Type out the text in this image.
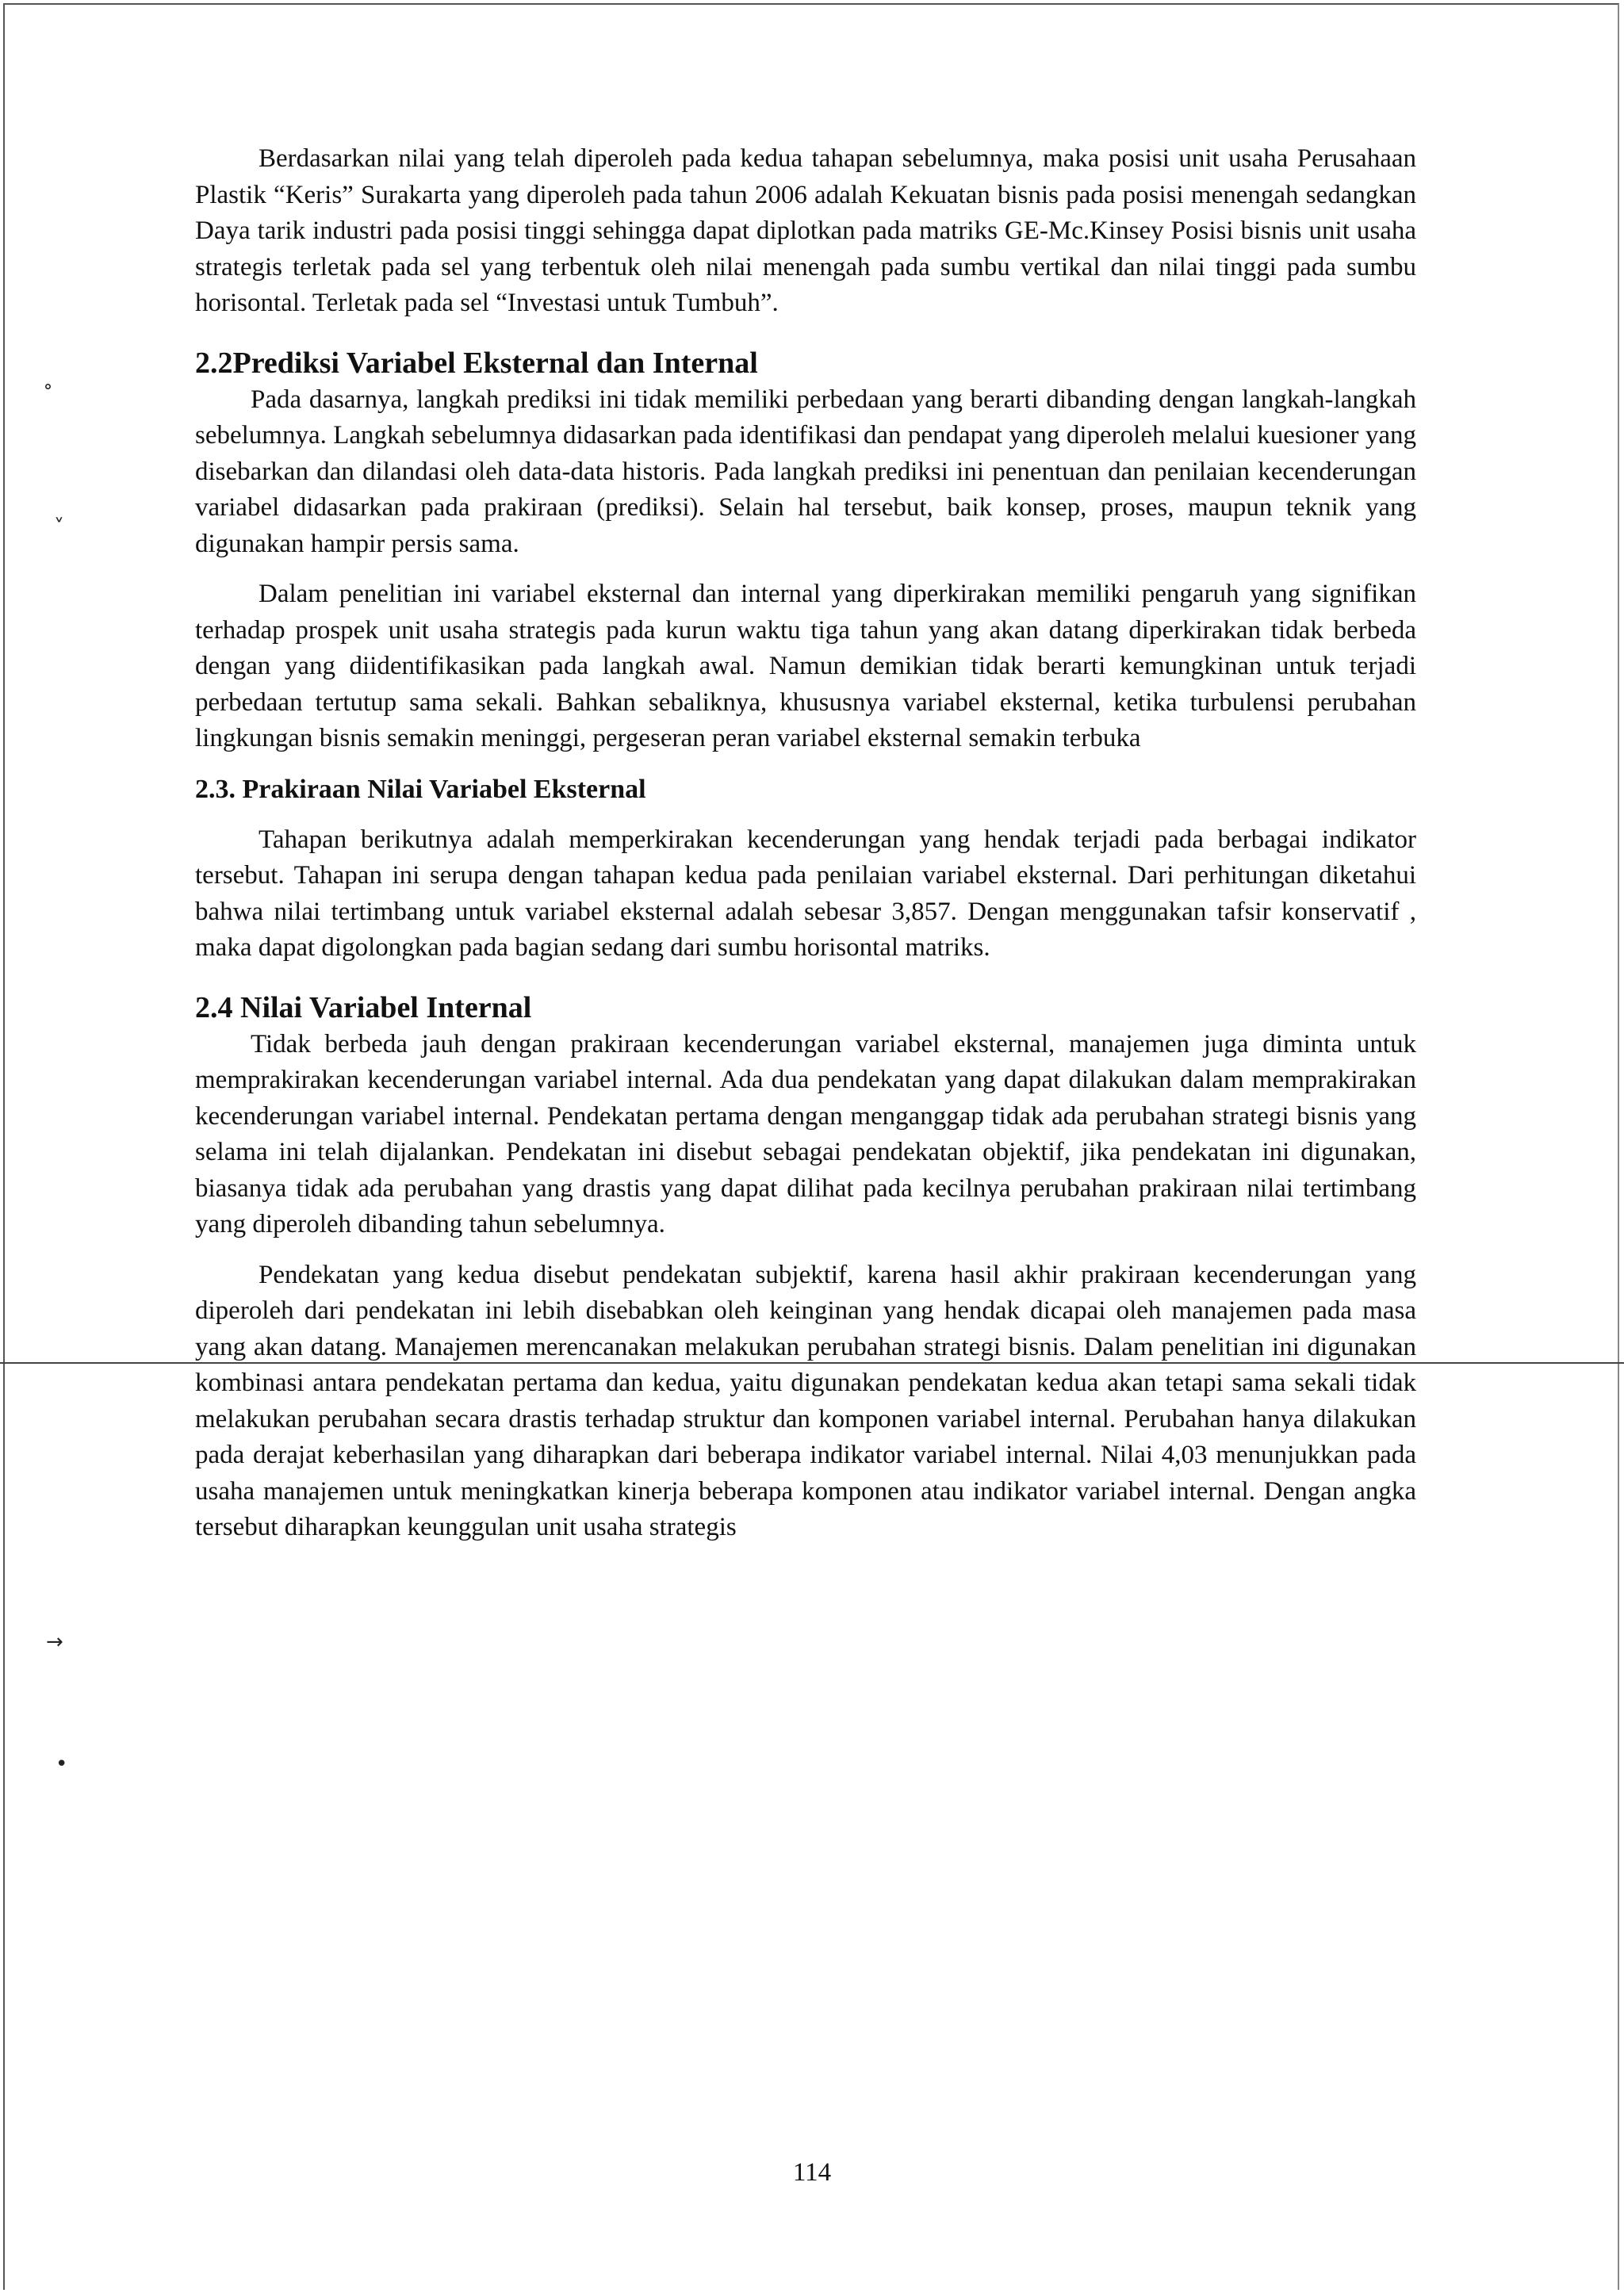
˚
˅
→
•

Berdasarkan nilai yang telah diperoleh pada kedua tahapan sebelumnya, maka posisi unit usaha Perusahaan Plastik “Keris” Surakarta yang diperoleh pada tahun 2006 adalah Kekuatan bisnis pada posisi menengah sedangkan Daya tarik industri pada posisi tinggi sehingga dapat diplotkan pada matriks GE-Mc.Kinsey Posisi bisnis unit usaha strategis terletak pada sel yang terbentuk oleh nilai menengah pada sumbu vertikal dan nilai tinggi pada sumbu horisontal. Terletak pada sel “Investasi untuk Tumbuh”.

2.2Prediksi Variabel Eksternal dan Internal

Pada dasarnya, langkah prediksi ini tidak memiliki perbedaan yang berarti dibanding dengan langkah-langkah sebelumnya. Langkah sebelumnya didasarkan pada identifikasi dan pendapat yang diperoleh melalui kuesioner yang disebarkan dan dilandasi oleh data-data historis. Pada langkah prediksi ini penentuan dan penilaian kecenderungan variabel didasarkan pada prakiraan (prediksi). Selain hal tersebut, baik konsep, proses, maupun teknik yang digunakan hampir persis sama.

Dalam penelitian ini variabel eksternal dan internal yang diperkirakan memiliki pengaruh yang signifikan terhadap prospek unit usaha strategis pada kurun waktu tiga tahun yang akan datang diperkirakan tidak berbeda dengan yang diidentifikasikan pada langkah awal. Namun demikian tidak berarti kemungkinan untuk terjadi perbedaan tertutup sama sekali. Bahkan sebaliknya, khususnya variabel eksternal, ketika turbulensi perubahan lingkungan bisnis semakin meninggi, pergeseran peran variabel eksternal semakin terbuka

2.3. Prakiraan Nilai Variabel Eksternal

Tahapan berikutnya adalah memperkirakan kecenderungan yang hendak terjadi pada berbagai indikator tersebut. Tahapan ini serupa dengan tahapan kedua pada penilaian variabel eksternal. Dari perhitungan diketahui bahwa nilai tertimbang untuk variabel eksternal adalah sebesar 3,857. Dengan menggunakan tafsir konservatif , maka dapat digolongkan pada bagian sedang dari sumbu horisontal matriks.

2.4 Nilai Variabel Internal

Tidak berbeda jauh dengan prakiraan kecenderungan variabel eksternal, manajemen juga diminta untuk memprakirakan kecenderungan variabel internal. Ada dua pendekatan yang dapat dilakukan dalam memprakirakan kecenderungan variabel internal. Pendekatan pertama dengan menganggap tidak ada perubahan strategi bisnis yang selama ini telah dijalankan. Pendekatan ini disebut sebagai pendekatan objektif, jika pendekatan ini digunakan, biasanya tidak ada perubahan yang drastis yang dapat dilihat pada kecilnya perubahan prakiraan nilai tertimbang yang diperoleh dibanding tahun sebelumnya.

Pendekatan yang kedua disebut pendekatan subjektif, karena hasil akhir prakiraan kecenderungan yang diperoleh dari pendekatan ini lebih disebabkan oleh keinginan yang hendak dicapai oleh manajemen pada masa yang akan datang. Manajemen merencanakan melakukan perubahan strategi bisnis. Dalam penelitian ini digunakan kombinasi antara pendekatan pertama dan kedua, yaitu digunakan pendekatan kedua akan tetapi sama sekali tidak melakukan perubahan secara drastis terhadap struktur dan komponen variabel internal. Perubahan hanya dilakukan pada derajat keberhasilan yang diharapkan dari beberapa indikator variabel internal. Nilai 4,03 menunjukkan pada usaha manajemen untuk meningkatkan kinerja beberapa komponen atau indikator variabel internal. Dengan angka tersebut diharapkan keunggulan unit usaha strategis

114
